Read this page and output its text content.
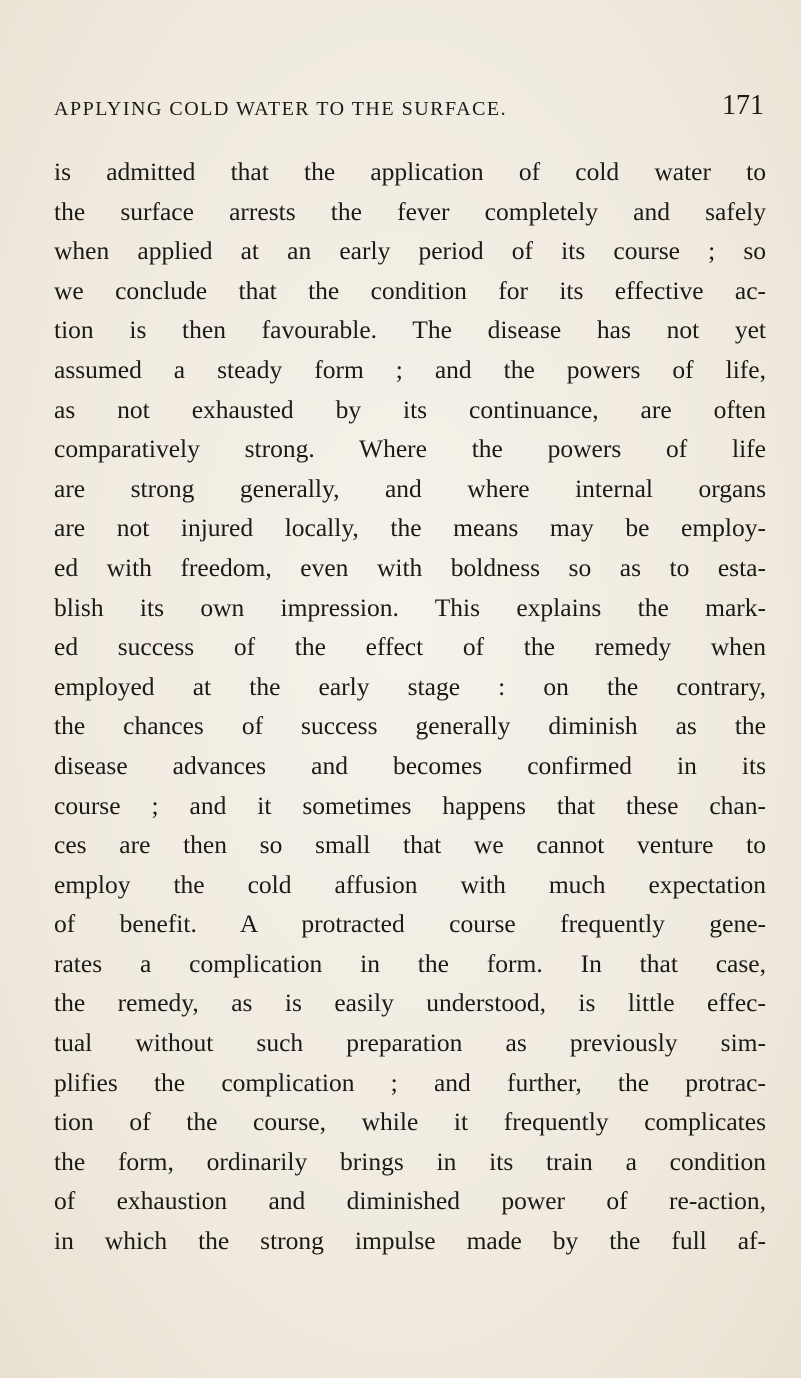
APPLYING COLD WATER TO THE SURFACE.	171
is admitted that the application of cold water to
the surface arrests the fever completely and safely
when applied at an early period of its course ; so
we conclude that the condition for its effective ac-
tion is then favourable. The disease has not yet
assumed a steady form ; and the powers of life,
as not exhausted by its continuance, are often
comparatively strong. Where the powers of life
are strong generally, and where internal organs
are not injured locally, the means may be employ-
ed with freedom, even with boldness so as to esta-
blish its own impression. This explains the mark-
ed success of the effect of the remedy when
employed at the early stage : on the contrary,
the chances of success generally diminish as the
disease advances and becomes confirmed in its
course ; and it sometimes happens that these chan-
ces are then so small that we cannot venture to
employ the cold affusion with much expectation
of benefit. A protracted course frequently gene-
rates a complication in the form. In that case,
the remedy, as is easily understood, is little effec-
tual without such preparation as previously sim-
plifies the complication ; and further, the protrac-
tion of the course, while it frequently complicates
the form, ordinarily brings in its train a condition
of exhaustion and diminished power of re-action,
in which the strong impulse made by the full af-
